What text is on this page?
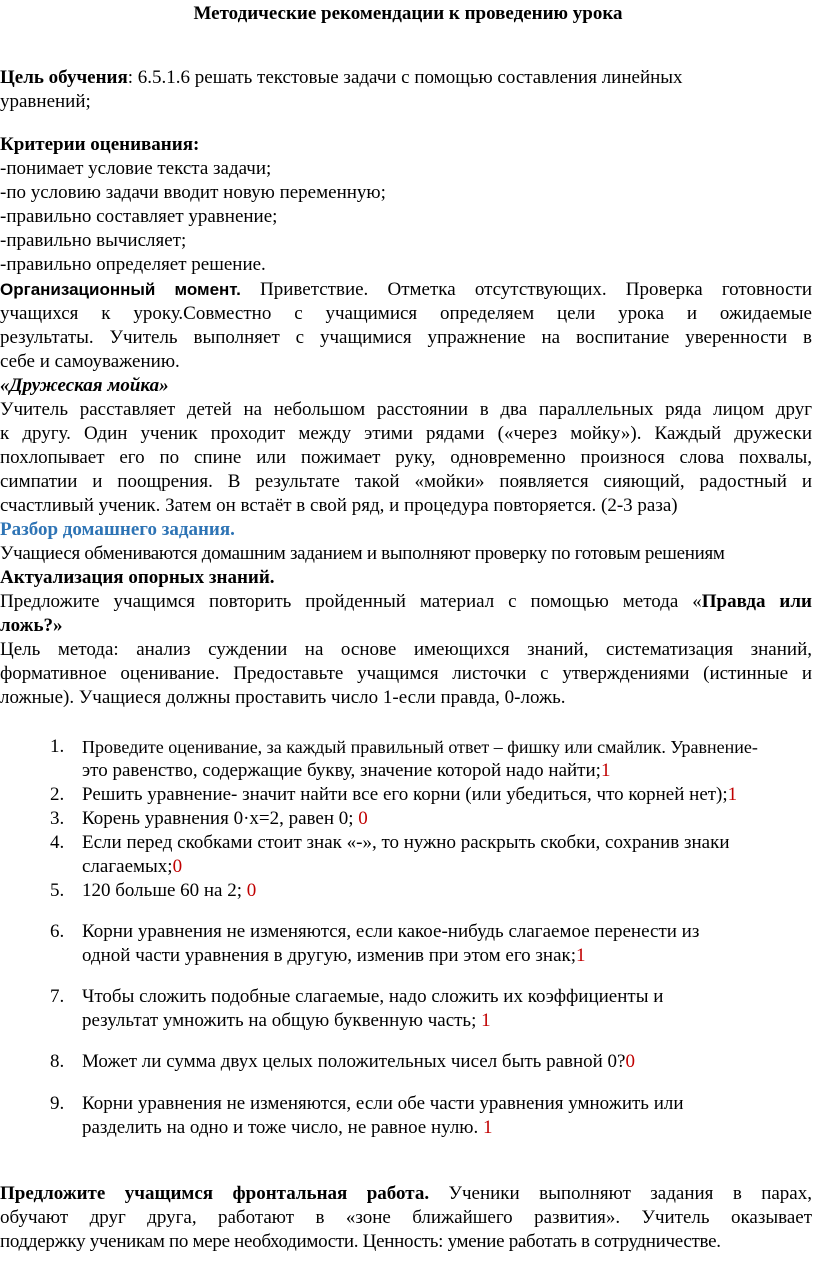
Методические рекомендации к проведению урока
Цель обучения: 6.5.1.6 решать текстовые задачи с помощью составления линейных
уравнений;
Критерии оценивания:
-понимает условие текста задачи;
-по условию задачи вводит новую переменную;
-правильно составляет уравнение;
-правильно вычисляет;
-правильно определяет решение.
Организационный момент. Приветствие. Отметка отсутствующих. Проверка готовности
учащихся к уроку.Совместно с учащимися определяем цели урока и ожидаемые
результаты. Учитель выполняет с учащимися упражнение на воспитание уверенности в
себе и самоуважению.
«Дружеская мойка»
Учитель расставляет детей на небольшом расстоянии в два параллельных ряда лицом друг
к другу. Один ученик проходит между этими рядами («через мойку»). Каждый дружески
похлопывает его по спине или пожимает руку, одновременно произнося слова похвалы,
симпатии и поощрения. В результате такой «мойки» появляется сияющий, радостный и
счастливый ученик. Затем он встаёт в свой ряд, и процедура повторяется. (2-3 раза)
Разбор домашнего задания.
Учащиеся обмениваются домашним заданием и выполняют проверку по готовым решениям
Актуализация опорных знаний.
Предложите учащимся повторить пройденный материал с помощью метода «Правда или
ложь?»
Цель метода: анализ суждении на основе имеющихся знаний, систематизация знаний,
формативное оценивание. Предоставьте учащимся листочки с утверждениями (истинные и
ложные). Учащиеся должны проставить число 1-если правда, 0-ложь.
1. Проведите оценивание, за каждый правильный ответ – фишку или смайлик. Уравнение-
это равенство, содержащие букву, значение которой надо найти;1
2. Решить уравнение- значит найти все его корни (или убедиться, что корней нет);1
3. Корень уравнения 0·x=2, равен 0; 0
4. Если перед скобками стоит знак «-», то нужно раскрыть скобки, сохранив знаки
слагаемых;0
5. 120 больше 60 на 2; 0
6. Корни уравнения не изменяются, если какое-нибудь слагаемое перенести из
одной части уравнения в другую, изменив при этом его знак;1
7. Чтобы сложить подобные слагаемые, надо сложить их коэффициенты и
результат умножить на общую буквенную часть; 1
8. Может ли сумма двух целых положительных чисел быть равной 0?0
9. Корни уравнения не изменяются, если обе части уравнения умножить или
разделить на одно и тоже число, не равное нулю. 1
Предложите учащимся фронтальная работа. Ученики выполняют задания в парах,
обучают друг друга, работают в «зоне ближайшего развития». Учитель оказывает
поддержку ученикам по мере необходимости. Ценность: умение работать в сотрудничестве.
